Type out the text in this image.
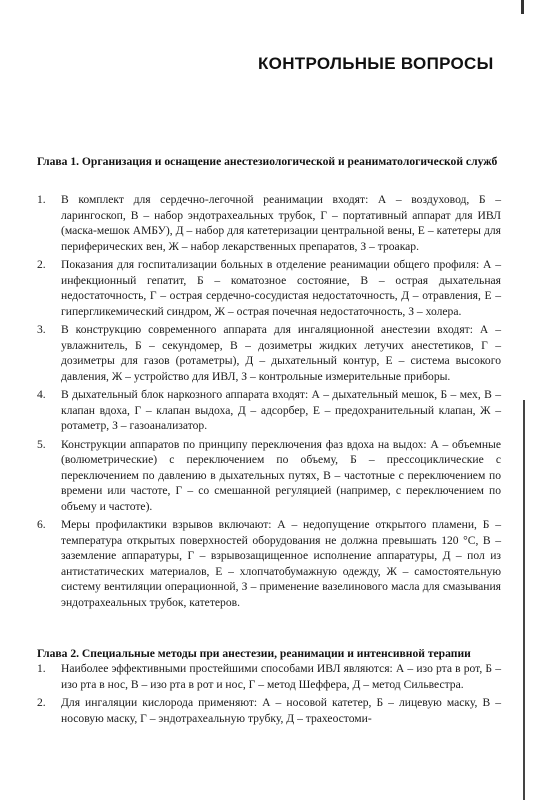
КОНТРОЛЬНЫЕ ВОПРОСЫ
Глава 1. Организация и оснащение анестезиологической и реаниматологической служб
1.	В комплект для сердечно-легочной реанимации входят: А – воздуховод, Б – ларингоскоп, В – набор эндотрахеальных трубок, Г – портативный аппарат для ИВЛ (маска-мешок АМБУ), Д – набор для катетеризации центральной вены, Е – катетеры для периферических вен, Ж – набор лекарственных препаратов, З – троакар.
2.	Показания для госпитализации больных в отделение реанимации общего профиля: А – инфекционный гепатит, Б – коматозное состояние, В – острая дыхательная недостаточность, Г – острая сердечно-сосудистая недостаточность, Д – отравления, Е – гипергликемический синдром, Ж – острая почечная недостаточность, З – холера.
3.	В конструкцию современного аппарата для ингаляционной анестезии входят: А – увлажнитель, Б – секундомер, В – дозиметры жидких летучих анестетиков, Г – дозиметры для газов (ротаметры), Д – дыхательный контур, Е – система высокого давления, Ж – устройство для ИВЛ, З – контрольные измерительные приборы.
4.	В дыхательный блок наркозного аппарата входят: А – дыхательный мешок, Б – мех, В – клапан вдоха, Г – клапан выдоха, Д – адсорбер, Е – предохранительный клапан, Ж – ротаметр, З – газоанализатор.
5.	Конструкции аппаратов по принципу переключения фаз вдоха на выдох: А – объемные (волюметрические) с переключением по объему, Б – прессоциклические с переключением по давлению в дыхательных путях, В – частотные с переключением по времени или частоте, Г – со смешанной регуляцией (например, с переключением по объему и частоте).
6.	Меры профилактики взрывов включают: А – недопущение открытого пламени, Б – температура открытых поверхностей оборудования не должна превышать 120 °С, В – заземление аппаратуры, Г – взрывозащищенное исполнение аппаратуры, Д – пол из антистатических материалов, Е – хлопчатобумажную одежду, Ж – самостоятельную систему вентиляции операционной, З – применение вазелинового масла для смазывания эндотрахеальных трубок, катетеров.
Глава 2. Специальные методы при анестезии, реанимации и интенсивной терапии
1.	Наиболее эффективными простейшими способами ИВЛ являются: А – изо рта в рот, Б – изо рта в нос, В – изо рта в рот и нос, Г – метод Шеффера, Д – метод Сильвестра.
2.	Для ингаляции кислорода применяют: А – носовой катетер, Б – лицевую маску, В – носовую маску, Г – эндотрахеальную трубку, Д – трахеостоми-
